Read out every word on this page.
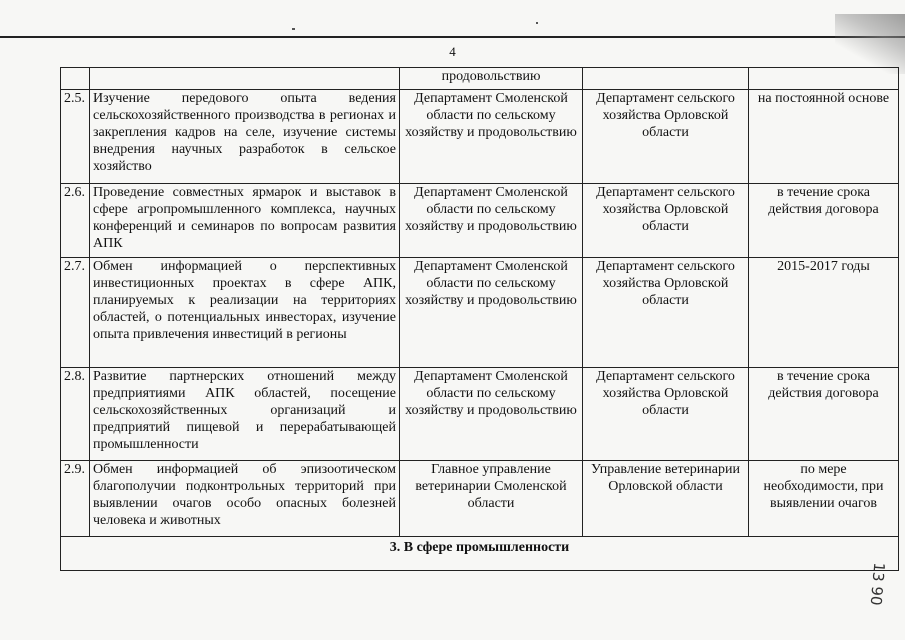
4
		продовольствию		
2.5.	Изучение передового опыта ведения сельскохозяйственного производства в регионах и закрепления кадров на селе, изучение системы внедрения научных разработок в сельское хозяйство	Департамент Смоленской области по сельскому хозяйству и продовольствию	Департамент сельского хозяйства Орловской области	на постоянной основе
2.6.	Проведение совместных ярмарок и выставок в сфере агропромышленного комплекса, научных конференций и семинаров по вопросам развития АПК	Департамент Смоленской области по сельскому хозяйству и продовольствию	Департамент сельского хозяйства Орловской области	в течение срока действия договора
2.7.	Обмен информацией о перспективных инвестиционных проектах в сфере АПК, планируемых к реализации на территориях областей, о потенциальных инвесторах, изучение опыта привлечения инвестиций в регионы	Департамент Смоленской области по сельскому хозяйству и продовольствию	Департамент сельского хозяйства Орловской области	2015-2017 годы
2.8.	Развитие партнерских отношений между предприятиями АПК областей, посещение сельскохозяйственных организаций и предприятий пищевой и перерабатывающей промышленности	Департамент Смоленской области по сельскому хозяйству и продовольствию	Департамент сельского хозяйства Орловской области	в течение срока действия договора
2.9.	Обмен информацией об эпизоотическом благополучии подконтрольных территорий при выявлении очагов особо опасных болезней человека и животных	Главное управление ветеринарии Смоленской области	Управление ветеринарии Орловской области	по мере необходимости, при выявлении очагов
3. В сфере промышленности				
13 90
